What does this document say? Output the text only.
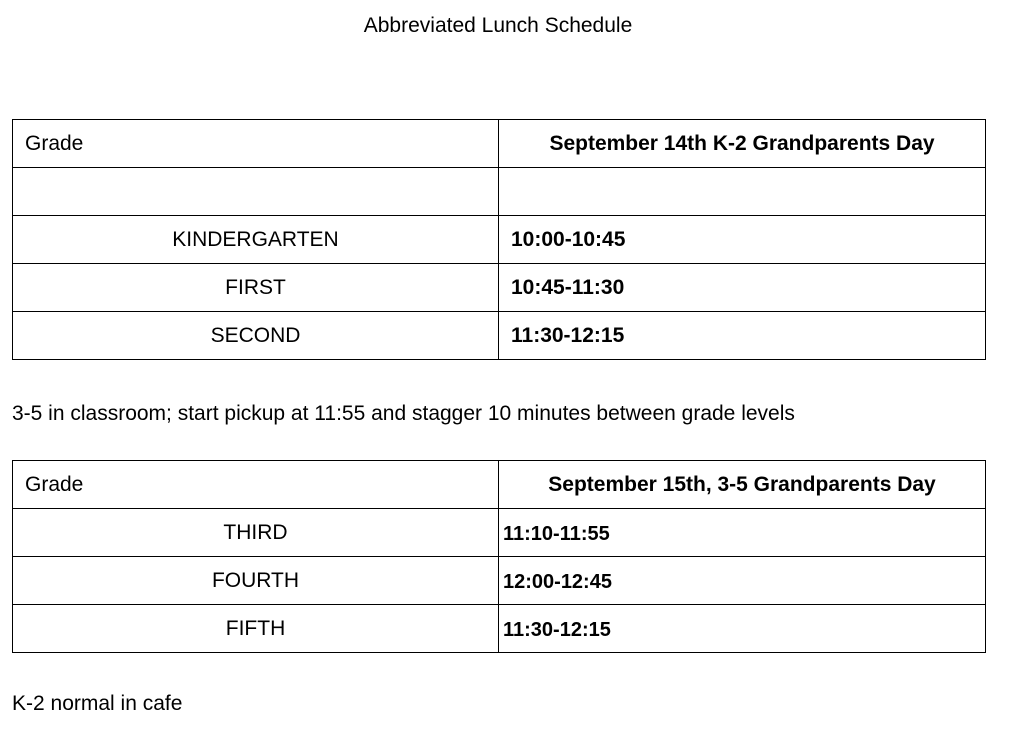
Abbreviated Lunch Schedule
Grade	September 14th K-2 Grandparents Day

KINDERGARTEN	10:00-10:45
FIRST	10:45-11:30
SECOND	11:30-12:15
3-5 in classroom; start pickup at 11:55 and stagger 10 minutes between grade levels
Grade	September 15th, 3-5 Grandparents Day
THIRD	11:10-11:55
FOURTH	12:00-12:45
FIFTH	11:30-12:15
K-2 normal in cafe
